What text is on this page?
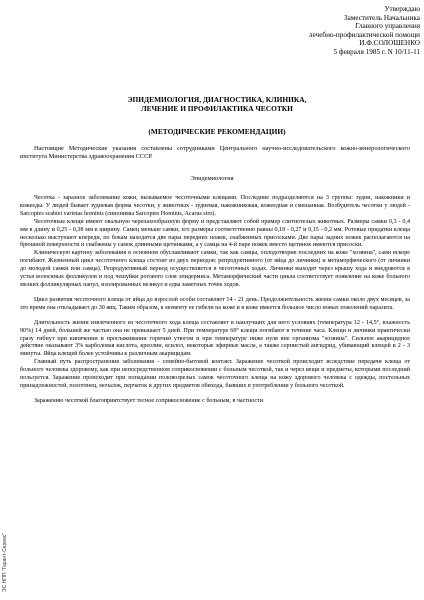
Утверждаю
Заместитель Начальника
Главного управления
лечебно-профилактической помощи
И.Ф.СОЛОШЕНКО
5 февраля 1985 г. N 10/11-11
ЭПИДЕМИОЛОГИЯ, ДИАГНОСТИКА, КЛИНИКА,
ЛЕЧЕНИЕ И ПРОФИЛАКТИКА ЧЕСОТКИ
(МЕТОДИЧЕСКИЕ РЕКОМЕНДАЦИИ)
Настоящие Методические указания составлены сотрудниками Центрального научно-исследовательского кожно-венерологического института Министерства здравоохранения СССР.
Эпидемиология

Чесотка - заразное заболевание кожи, вызываемое чесоточными клещами. Последние подразделяются на 3 группы: зудни, накожники и кожееды. У людей бывает зудневая форма чесотки, у животных - зудневая, накожниковая, кожеедная и смешанная. Возбудитель чесотки у людей - Sarcoptes scabiei varietas hominis (синонимы Sarcoptes Hominis, Acarus siro).

Чесоточные клещи имеют овальную черепахообразную форму и представляют собой пример слитнотелых животных. Размеры самки 0,3 - 0,4 мм в длину и 0,25 - 0,38 мм в ширину. Самец меньше самки, его размеры соответственно равны 0,18 - 0,27 и 0,15 - 0,2 мм. Ротовые придатки клеща несколько выступают кпереди, по бокам находятся две пары передних ножек, снабженных присосками. Две пары задних ножек располагаются на брюшной поверхности и снабжены у самок длинными щетинками, а у самца на 4-й паре ножек вместо щетинок имеются присоски.

Клиническую картину заболевания в основном обуславливают самки, так как самцы, оплодотворив последних на коже "хозяина", сами вскоре погибают. Жизненный цикл чесоточного клеща состоит из двух периодов: репродуктивного (от яйца до личинки) и метаморфического (от личинки до молодой самки или самца). Репродуктивный период осуществляется в чесоточных ходах. Личинки выходят через крышу хода и внедряются в устья волосяных фолликулов и под чешуйки рогового слоя эпидермиса. Метаморфический части цикла соответствует появление на коже больного мелких фолликулярных папул, изолированных везикул и едва заметных точек ходов.

Цикл развития чесоточного клеща от яйца до взрослой особи составляет 14 - 21 день. Продолжительность жизни самки около двух месяцев, за это время она откладывает до 30 яиц. Таким образом, к моменту ее гибели на коже и в коже имеется большое число новых поколений паразита.

Длительность жизни извлеченного из чесоточного хода клеща составляет в наилучших для него условиях (температура 12 - 14,5°, влажность 90%) 14 дней, большей же частью она не превышает 5 дней. При температуре 60° клещи погибают в течение часа. Клещи и личинки практически сразу гибнут при кипячении и проглаживании горячим утюгом и при температуре ниже нуля вне организма "хозяина". Сильное акарицидное действие оказывают 3% карболовая кислота, креолин, ксилол, некоторые эфирные масла, а также сернистый ангидрид, убивающий клещей в 2 - 3 минуты. Яйца клещей более устойчивы к различным акарицидам.

Главный путь распространения заболевания - семейно-бытовой контакт. Заражение чесоткой происходит вследствие передачи клеща от больного человека здоровому, как при непосредственном соприкосновении с больным чесоткой, так и через вещи и предметы, которыми последний пользуется. Заражение происходит при попадании половозрелых самок чесоточного клеща на кожу здорового человека с одежды, постельных принадлежностей, полотенец, мочалок, перчаток и других предметов обихода, бывших в употреблении у больного чесоткой.

Заражению чесоткой благоприятствует тесное соприкосновение с больным, в частности

ЭС НПП "Гарант-Сервис"
